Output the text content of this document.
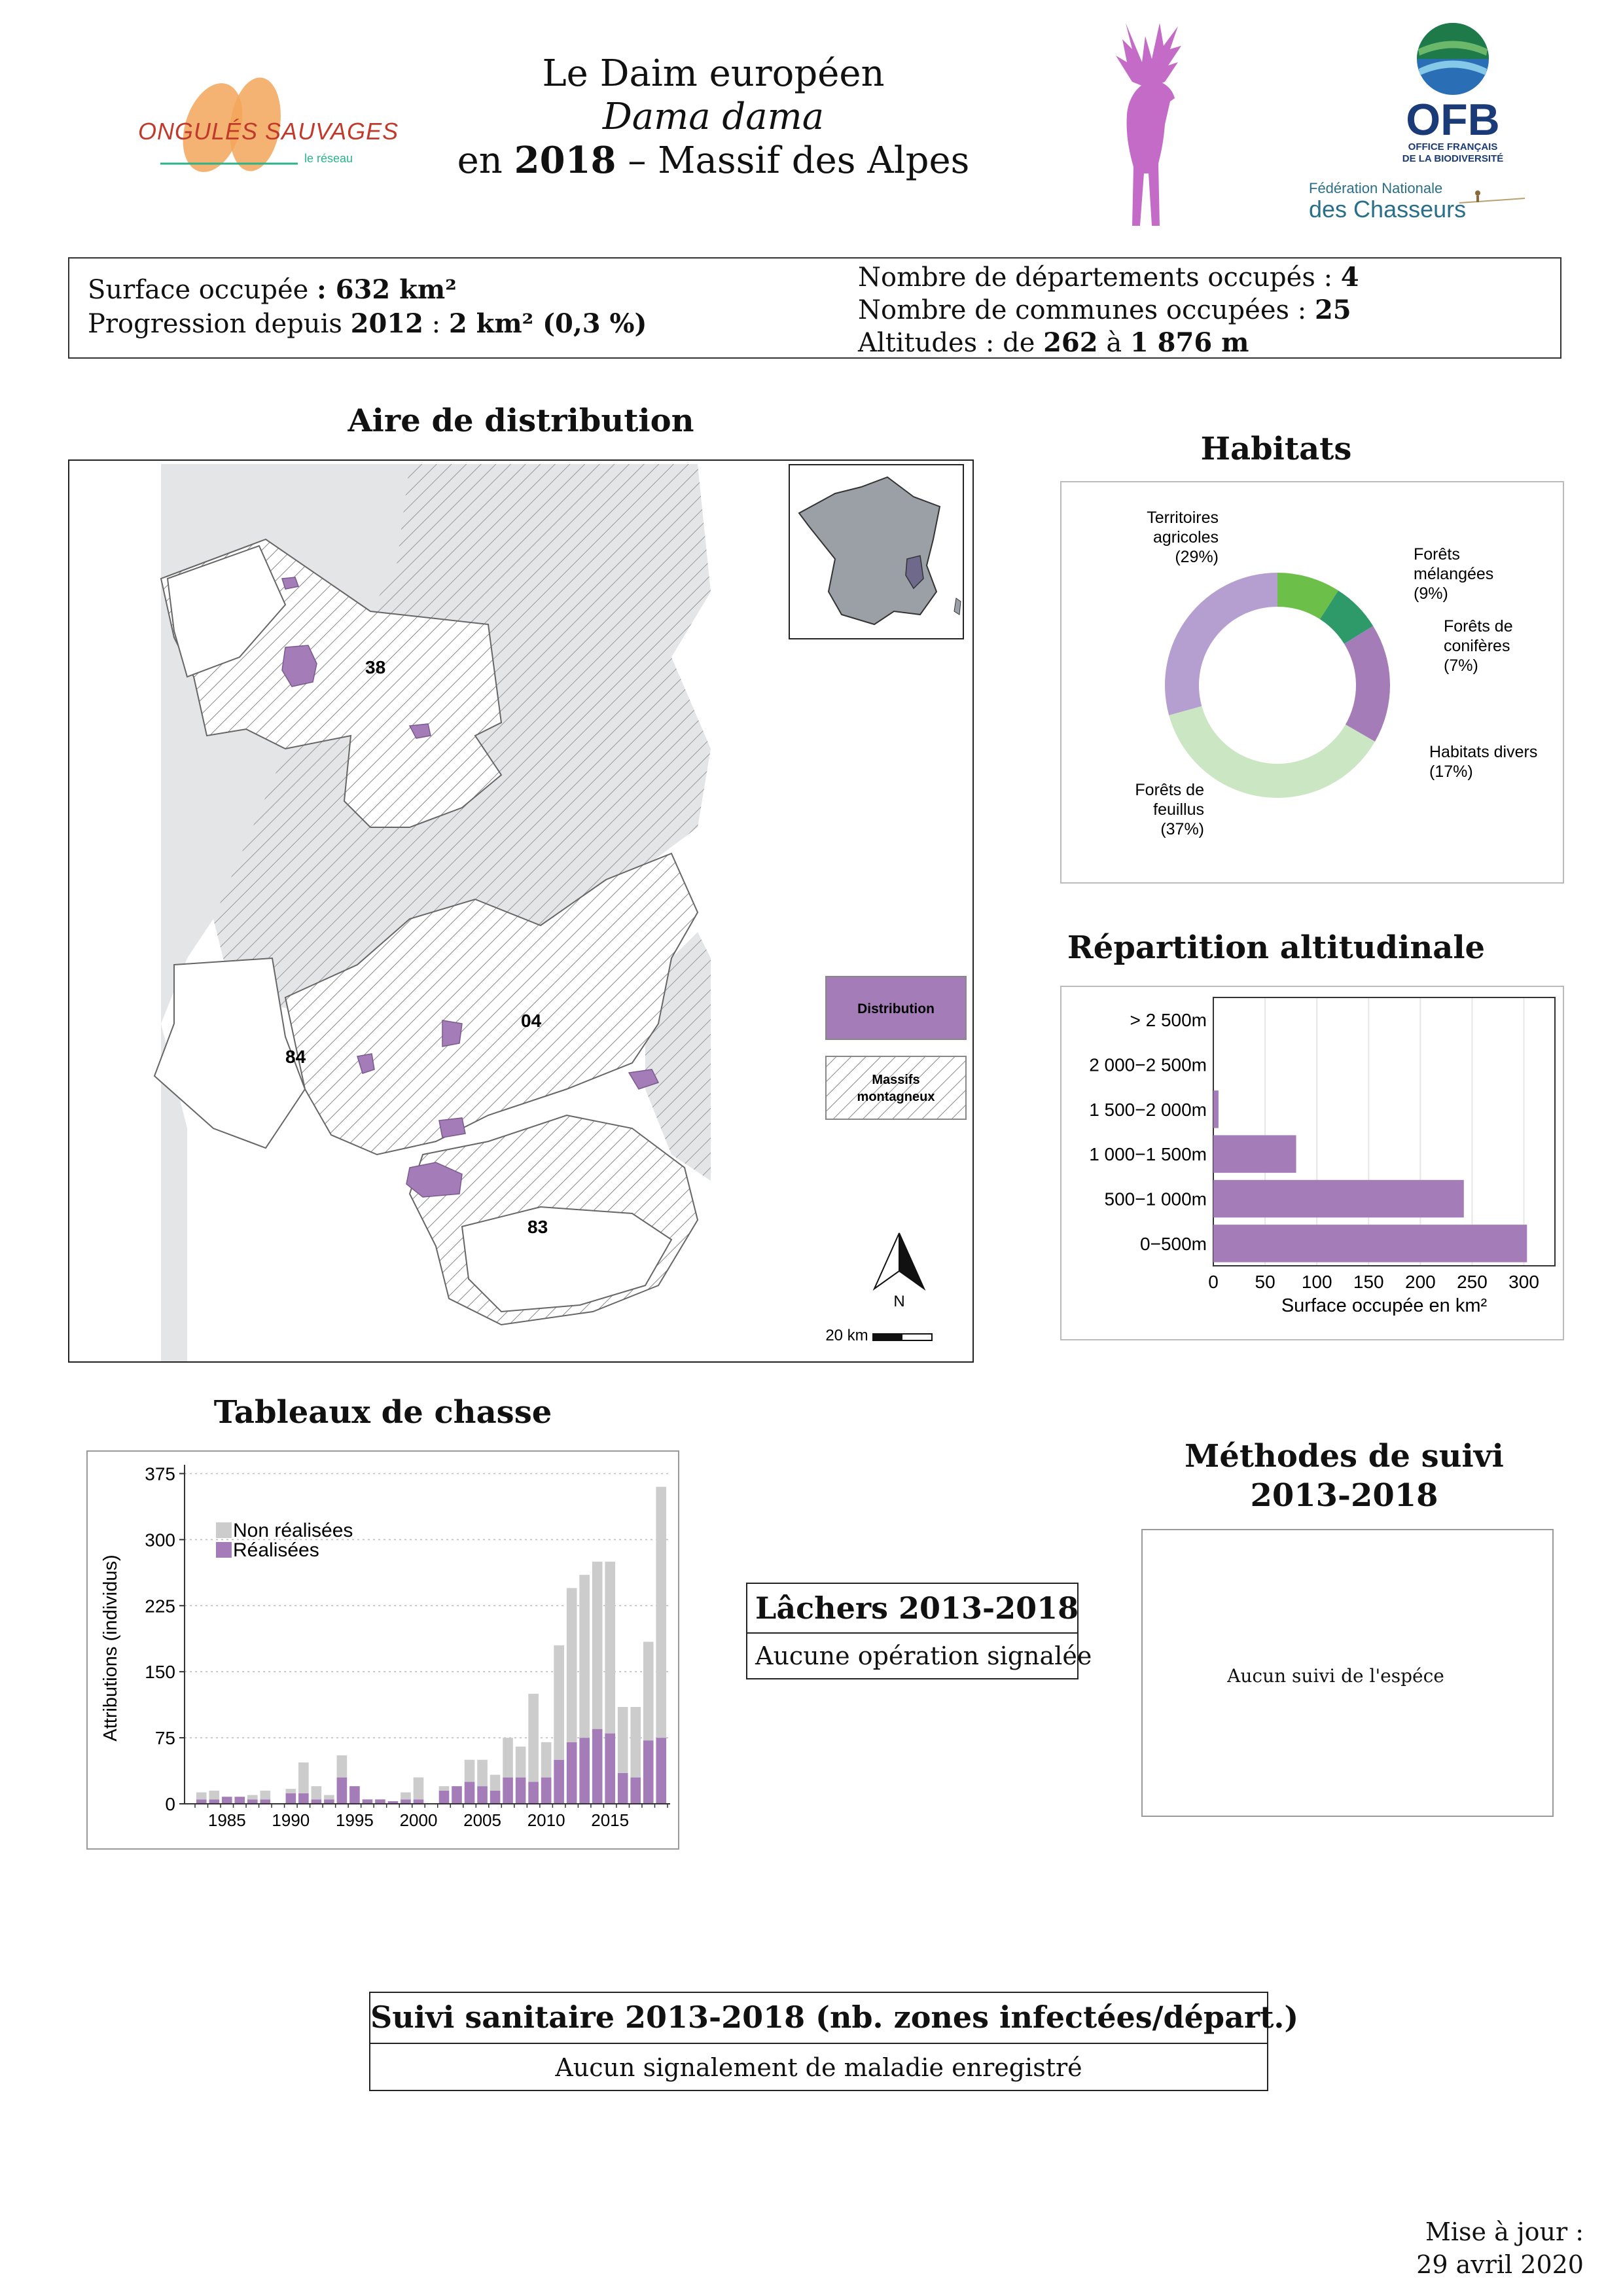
ONGULÉS SAUVAGES
le réseau
Le Daim européen
Dama dama
en 2018 – Massif des Alpes
OFB
OFFICE FRANÇAIS
DE LA BIODIVERSITÉ
Fédération Nationale
des Chasseurs
Surface occupée : 632 km²
Progression depuis 2012 : 2 km² (0,3 %)
Nombre de départements occupés : 4
Nombre de communes occupées : 25
Altitudes : de 262 à 1 876 m
Aire de distribution
38
04
84
83
Distribution
Massifs
montagneux
N
20 km
Habitats
Territoires
agricoles
(29%)	Forêts
mélangées
(9%)
Forêts de
conifères
(7%)
Habitats divers
(17%)
Forêts de
feuillus
(37%)
Répartition altitudinale
> 2 500m
2 000−2 500m
1 500−2 000m
1 000−1 500m
500−1 000m
0−500m
0 50 100 150 200 250 300
Surface occupée en km²
Tableaux de chasse
0
75
150
225
300
375
1985 1990 1995 2000 2005 2010 2015
Attributions (individus)
Non réalisées
Réalisées
Lâchers 2013-2018
Aucune opération signalée
Méthodes de suivi
2013-2018
Aucun suivi de l'espéce
Suivi sanitaire 2013-2018 (nb. zones infectées/départ.)
Aucun signalement de maladie enregistré
Mise à jour :
29 avril 2020
